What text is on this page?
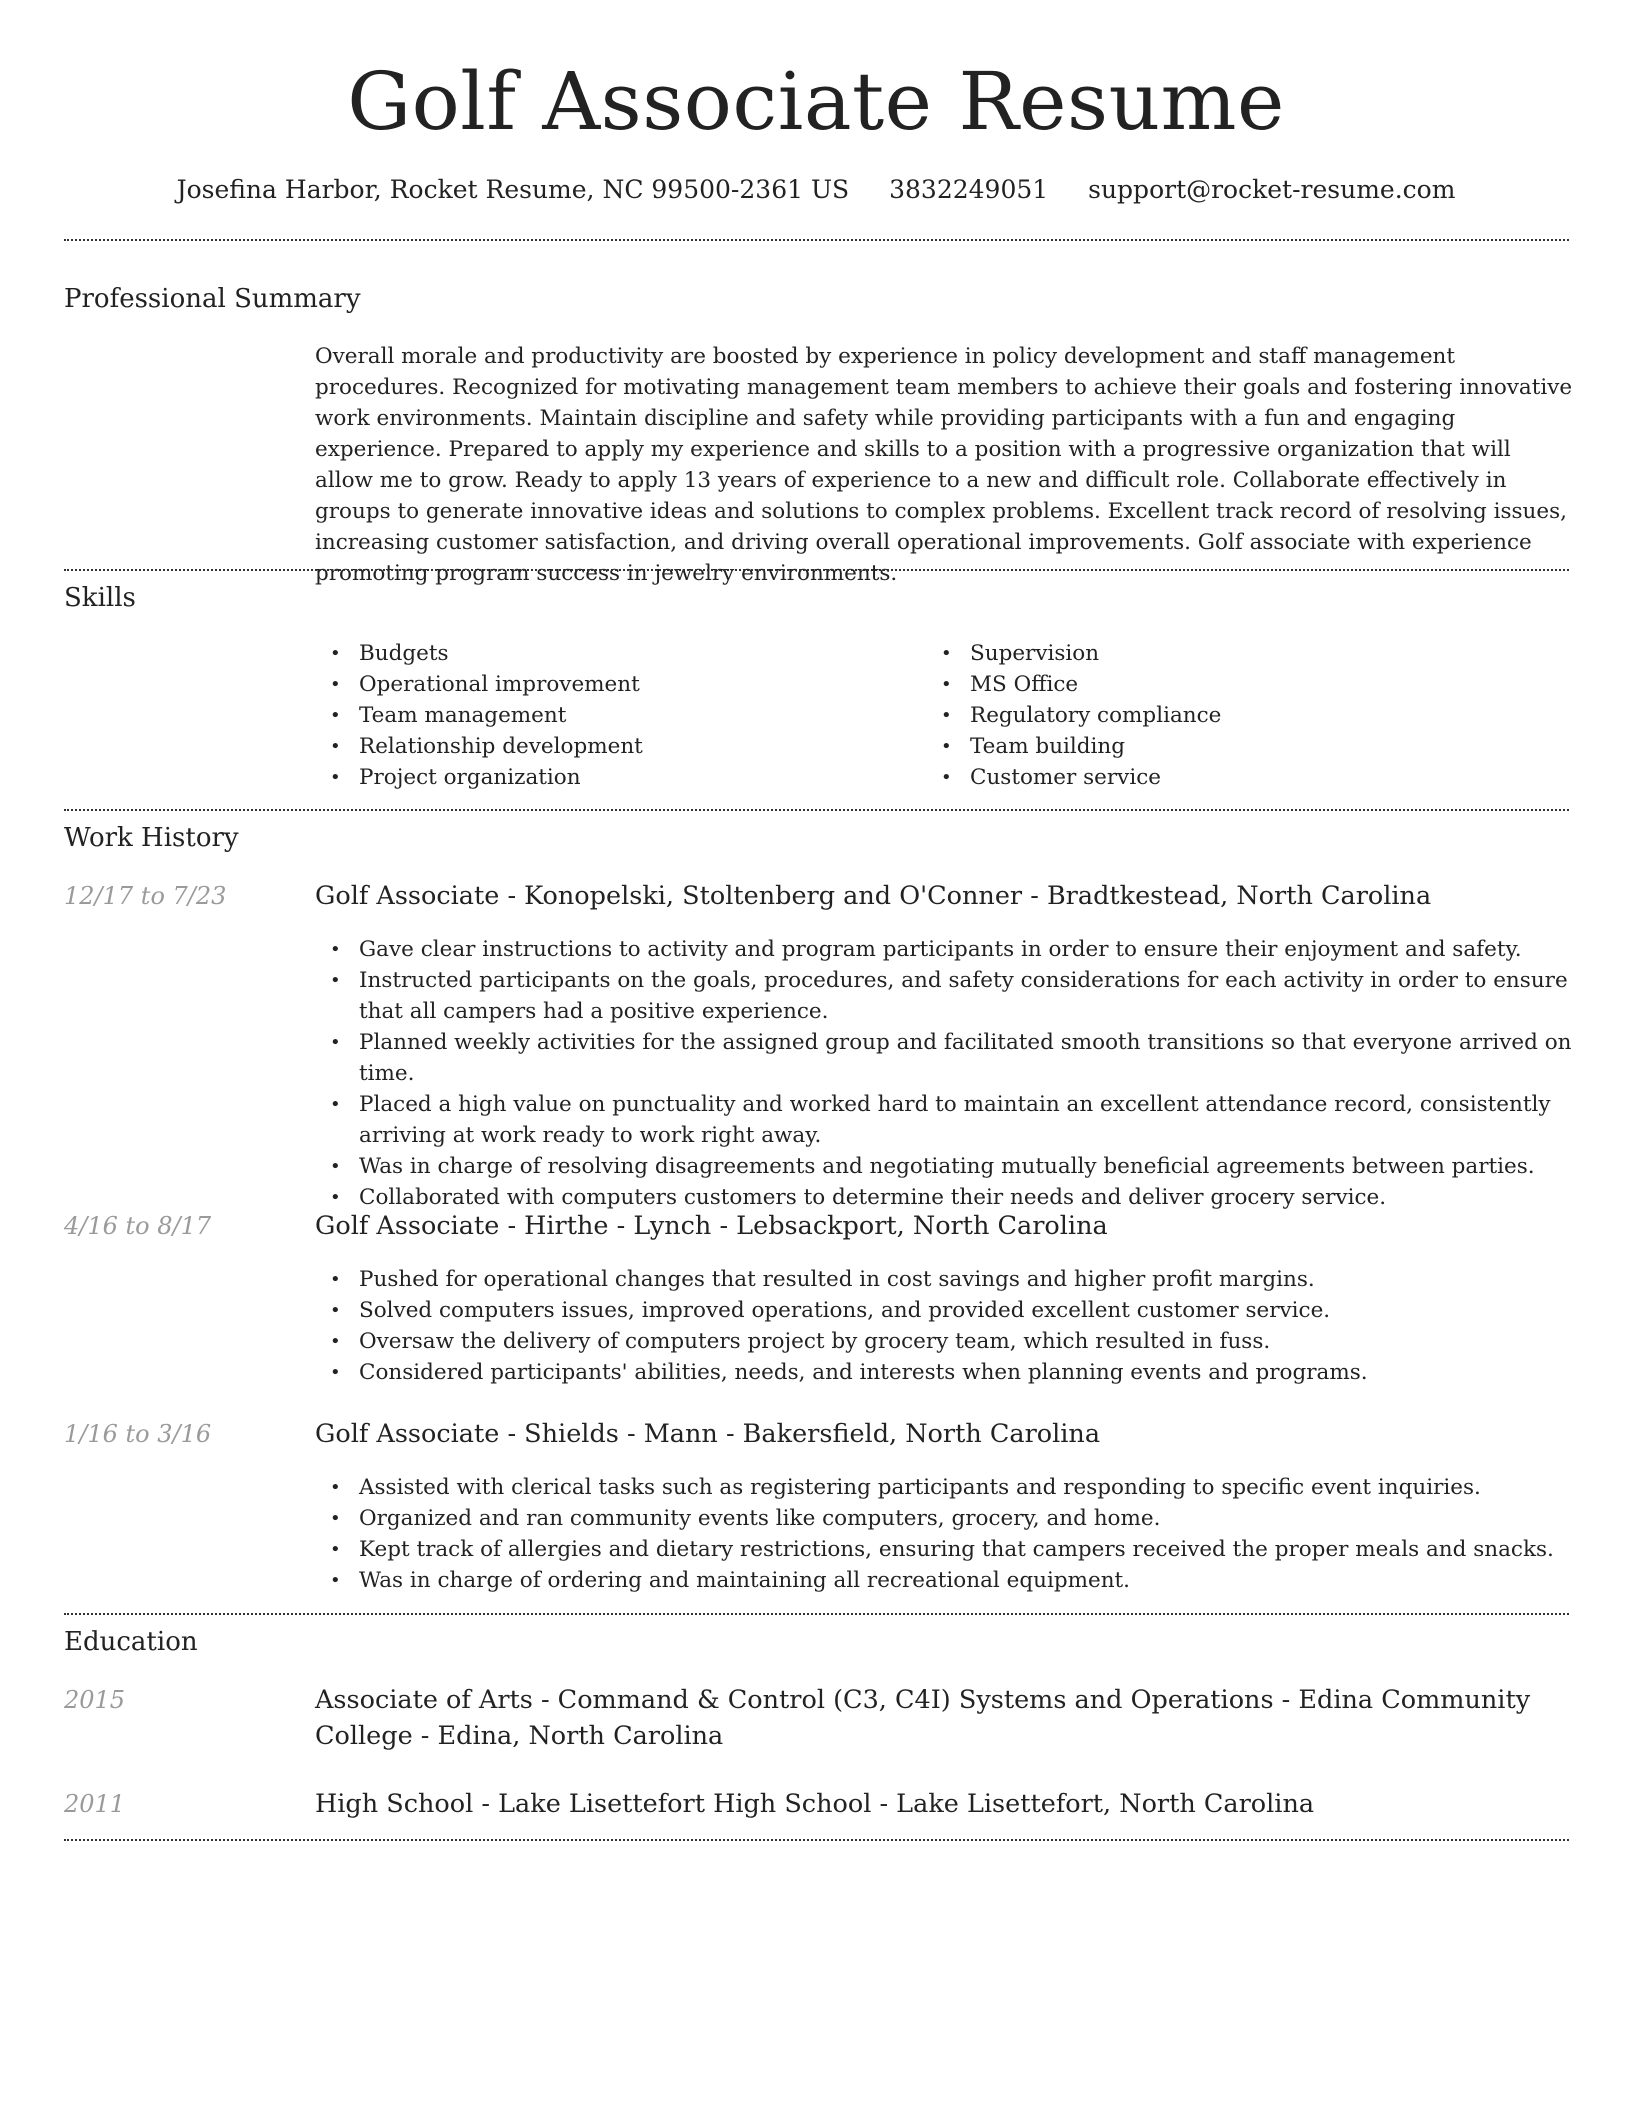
Golf Associate Resume
Josefina Harbor, Rocket Resume, NC 99500-2361 US 3832249051 support@rocket-resume.com
Professional Summary
Overall morale and productivity are boosted by experience in policy development and staff management procedures. Recognized for motivating management team members to achieve their goals and fostering innovative work environments. Maintain discipline and safety while providing participants with a fun and engaging experience. Prepared to apply my experience and skills to a position with a progressive organization that will allow me to grow. Ready to apply 13 years of experience to a new and difficult role. Collaborate effectively in groups to generate innovative ideas and solutions to complex problems. Excellent track record of resolving issues, increasing customer satisfaction, and driving overall operational improvements. Golf associate with experience promoting program success in jewelry environments.
Skills
• Budgets
• Operational improvement
• Team management
• Relationship development
• Project organization
• Supervision
• MS Office
• Regulatory compliance
• Team building
• Customer service
Work History
12/17 to 7/23	Golf Associate - Konopelski, Stoltenberg and O'Conner - Bradtkestead, North Carolina
• Gave clear instructions to activity and program participants in order to ensure their enjoyment and safety.
• Instructed participants on the goals, procedures, and safety considerations for each activity in order to ensure that all campers had a positive experience.
• Planned weekly activities for the assigned group and facilitated smooth transitions so that everyone arrived on time.
• Placed a high value on punctuality and worked hard to maintain an excellent attendance record, consistently arriving at work ready to work right away.
• Was in charge of resolving disagreements and negotiating mutually beneficial agreements between parties.
• Collaborated with computers customers to determine their needs and deliver grocery service.
4/16 to 8/17	Golf Associate - Hirthe - Lynch - Lebsackport, North Carolina
• Pushed for operational changes that resulted in cost savings and higher profit margins.
• Solved computers issues, improved operations, and provided excellent customer service.
• Oversaw the delivery of computers project by grocery team, which resulted in fuss.
• Considered participants' abilities, needs, and interests when planning events and programs.
1/16 to 3/16	Golf Associate - Shields - Mann - Bakersfield, North Carolina
• Assisted with clerical tasks such as registering participants and responding to specific event inquiries.
• Organized and ran community events like computers, grocery, and home.
• Kept track of allergies and dietary restrictions, ensuring that campers received the proper meals and snacks.
• Was in charge of ordering and maintaining all recreational equipment.
Education
2015	Associate of Arts - Command & Control (C3, C4I) Systems and Operations - Edina Community College - Edina, North Carolina
2011	High School - Lake Lisettefort High School - Lake Lisettefort, North Carolina
